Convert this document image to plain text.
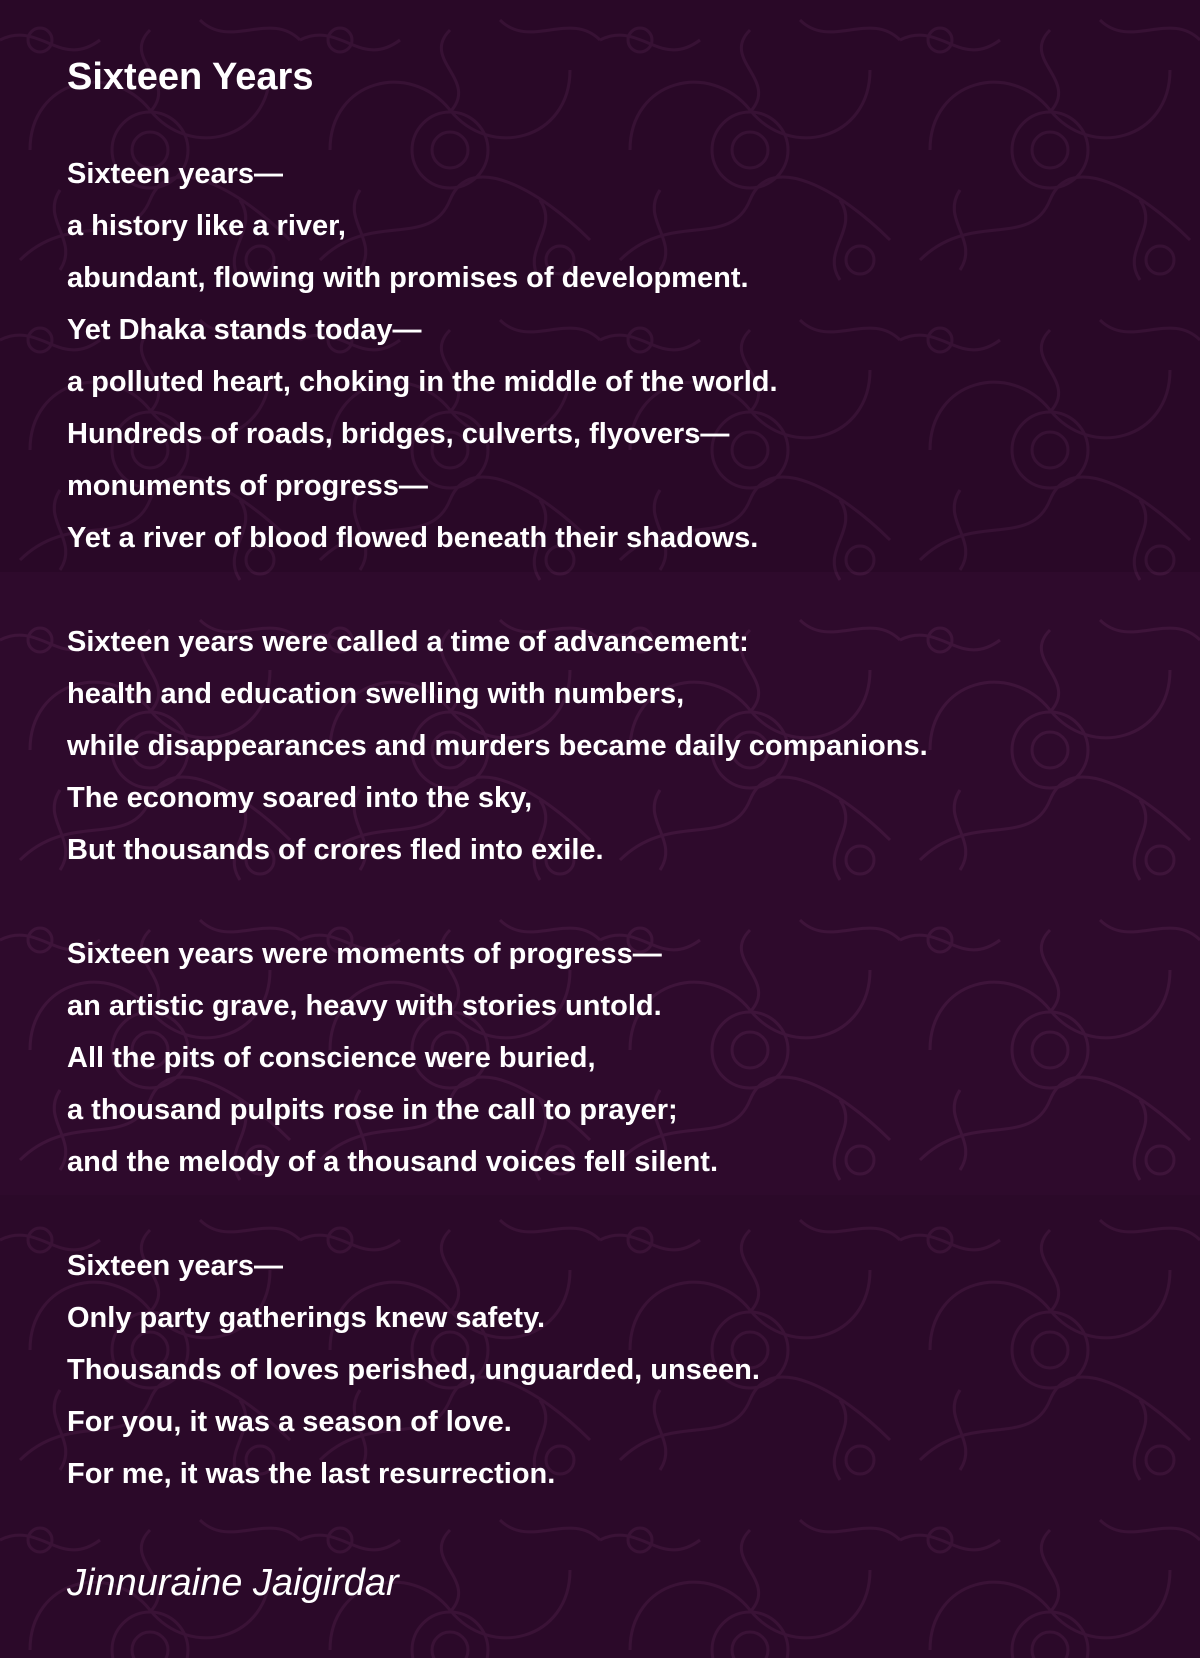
Sixteen Years
Sixteen years—
a history like a river,
abundant, flowing with promises of development.
Yet Dhaka stands today—
a polluted heart, choking in the middle of the world.
Hundreds of roads, bridges, culverts, flyovers—
monuments of progress—
Yet a river of blood flowed beneath their shadows.
Sixteen years were called a time of advancement:
health and education swelling with numbers,
while disappearances and murders became daily companions.
The economy soared into the sky,
But thousands of crores fled into exile.
Sixteen years were moments of progress—
an artistic grave, heavy with stories untold.
All the pits of conscience were buried,
a thousand pulpits rose in the call to prayer;
and the melody of a thousand voices fell silent.
Sixteen years—
Only party gatherings knew safety.
Thousands of loves perished, unguarded, unseen.
For you, it was a season of love.
For me, it was the last resurrection.

Jinnuraine Jaigirdar
